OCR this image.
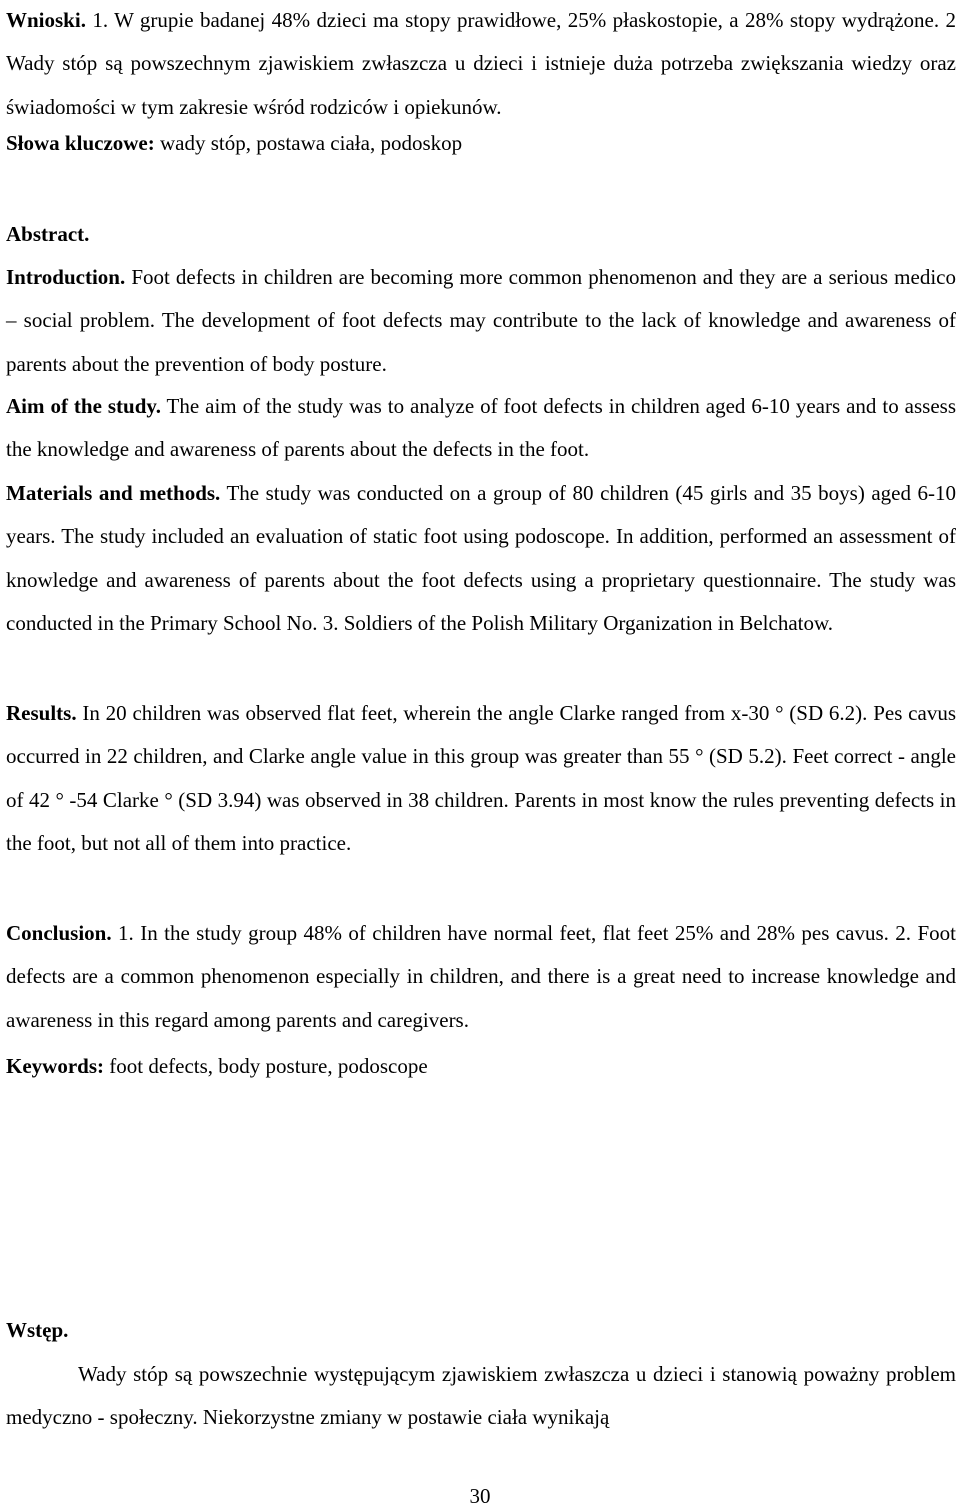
Wnioski. 1. W grupie badanej 48% dzieci ma stopy prawidłowe, 25% płaskostopie, a 28% stopy wydrążone. 2 Wady stóp są powszechnym zjawiskiem zwłaszcza u dzieci i istnieje duża potrzeba zwiększania wiedzy oraz świadomości w tym zakresie wśród rodziców i opiekunów.

Słowa kluczowe: wady stóp, postawa ciała, podoskop

Abstract.

Introduction. Foot defects in children are becoming more common phenomenon and they are a serious medico – social problem. The development of foot defects may contribute to the lack of knowledge and awareness of parents about the prevention of body posture.

Aim of the study. The aim of the study was to analyze of foot defects in children aged 6-10 years and to assess the knowledge and awareness of parents about the defects in the foot.

Materials and methods. The study was conducted on a group of 80 children (45 girls and 35 boys) aged 6-10 years. The study included an evaluation of static foot using podoscope. In addition, performed an assessment of knowledge and awareness of parents about the foot defects using a proprietary questionnaire. The study was conducted in the Primary School No. 3. Soldiers of the Polish Military Organization in Belchatow.

Results. In 20 children was observed flat feet, wherein the angle Clarke ranged from x-30 ° (SD 6.2). Pes cavus occurred in 22 children, and Clarke angle value in this group was greater than 55 ° (SD 5.2). Feet correct - angle of 42 ° -54 Clarke ° (SD 3.94) was observed in 38 children. Parents in most know the rules preventing defects in the foot, but not all of them into practice.

Conclusion. 1. In the study group 48% of children have normal feet, flat feet 25% and 28% pes cavus. 2. Foot defects are a common phenomenon especially in children, and there is a great need to increase knowledge and awareness in this regard among parents and caregivers.

Keywords: foot defects, body posture, podoscope

Wstęp.

Wady stóp są powszechnie występującym zjawiskiem zwłaszcza u dzieci i stanowią poważny problem medyczno - społeczny. Niekorzystne zmiany w postawie ciała wynikają

30
